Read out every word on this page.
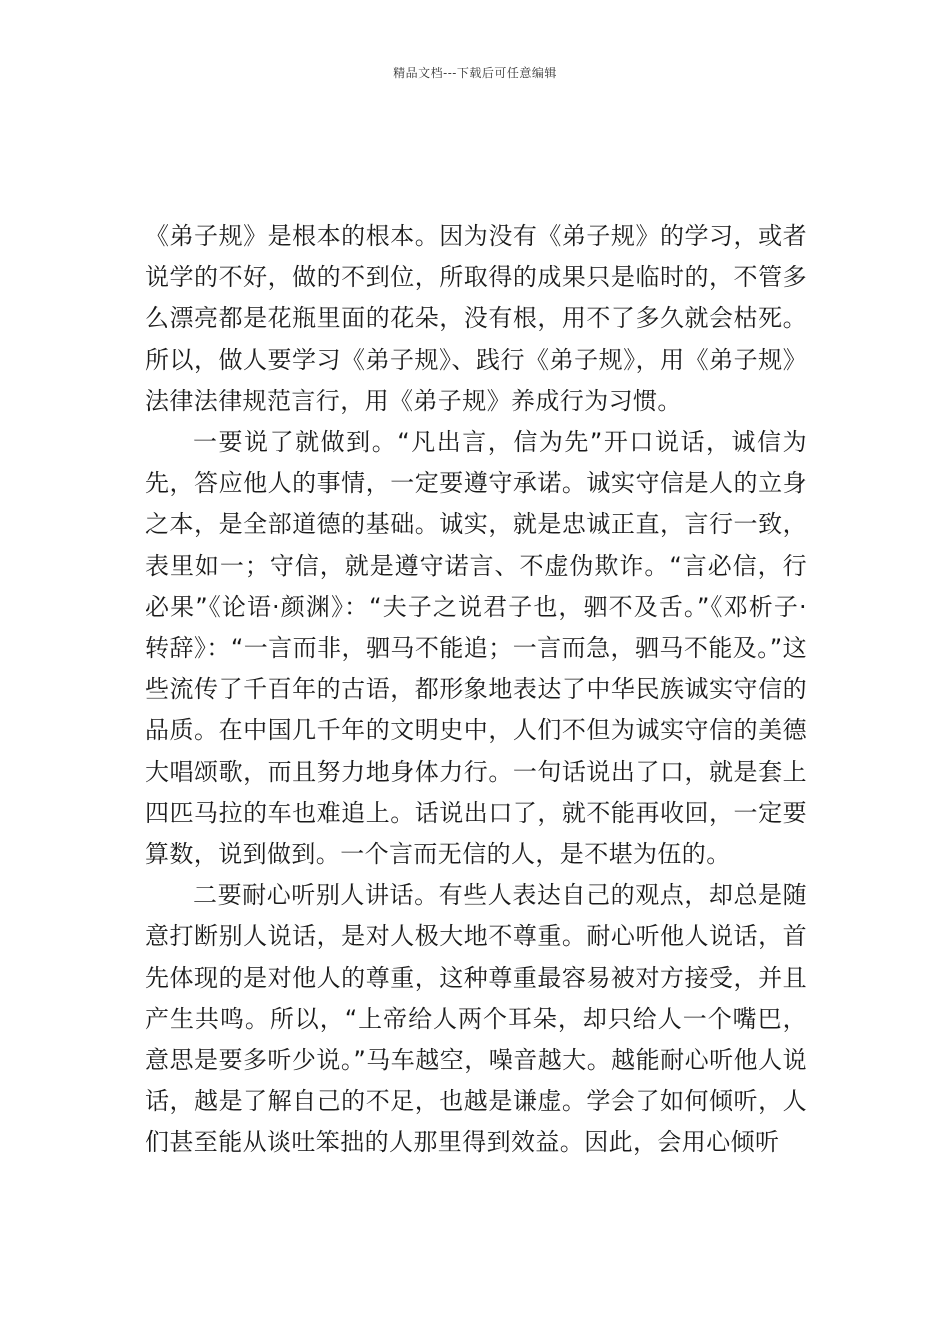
精品文档---下载后可任意编辑

《弟子规》是根本的根本。因为没有《弟子规》的学习，或者说学的不好，做的不到位，所取得的成果只是临时的，不管多么漂亮都是花瓶里面的花朵，没有根，用不了多久就会枯死。所以，做人要学习《弟子规》、践行《弟子规》，用《弟子规》法律法律规范言行，用《弟子规》养成行为习惯。

一要说了就做到。“凡出言，信为先”开口说话，诚信为先，答应他人的事情，一定要遵守承诺。诚实守信是人的立身之本，是全部道德的基础。诚实，就是忠诚正直，言行一致，表里如一；守信，就是遵守诺言、不虚伪欺诈。“言必信，行必果”《论语·颜渊》：“夫子之说君子也，驷不及舌。”《邓析子·转辞》：“一言而非，驷马不能追；一言而急，驷马不能及。”这些流传了千百年的古语，都形象地表达了中华民族诚实守信的品质。在中国几千年的文明史中，人们不但为诚实守信的美德大唱颂歌，而且努力地身体力行。一句话说出了口，就是套上四匹马拉的车也难追上。话说出口了，就不能再收回，一定要算数，说到做到。一个言而无信的人，是不堪为伍的。

二要耐心听别人讲话。有些人表达自己的观点，却总是随意打断别人说话，是对人极大地不尊重。耐心听他人说话，首先体现的是对他人的尊重，这种尊重最容易被对方接受，并且产生共鸣。所以，“上帝给人两个耳朵，却只给人一个嘴巴，意思是要多听少说。”马车越空，噪音越大。越能耐心听他人说话，越是了解自己的不足，也越是谦虚。学会了如何倾听，人们甚至能从谈吐笨拙的人那里得到效益。因此，会用心倾听
